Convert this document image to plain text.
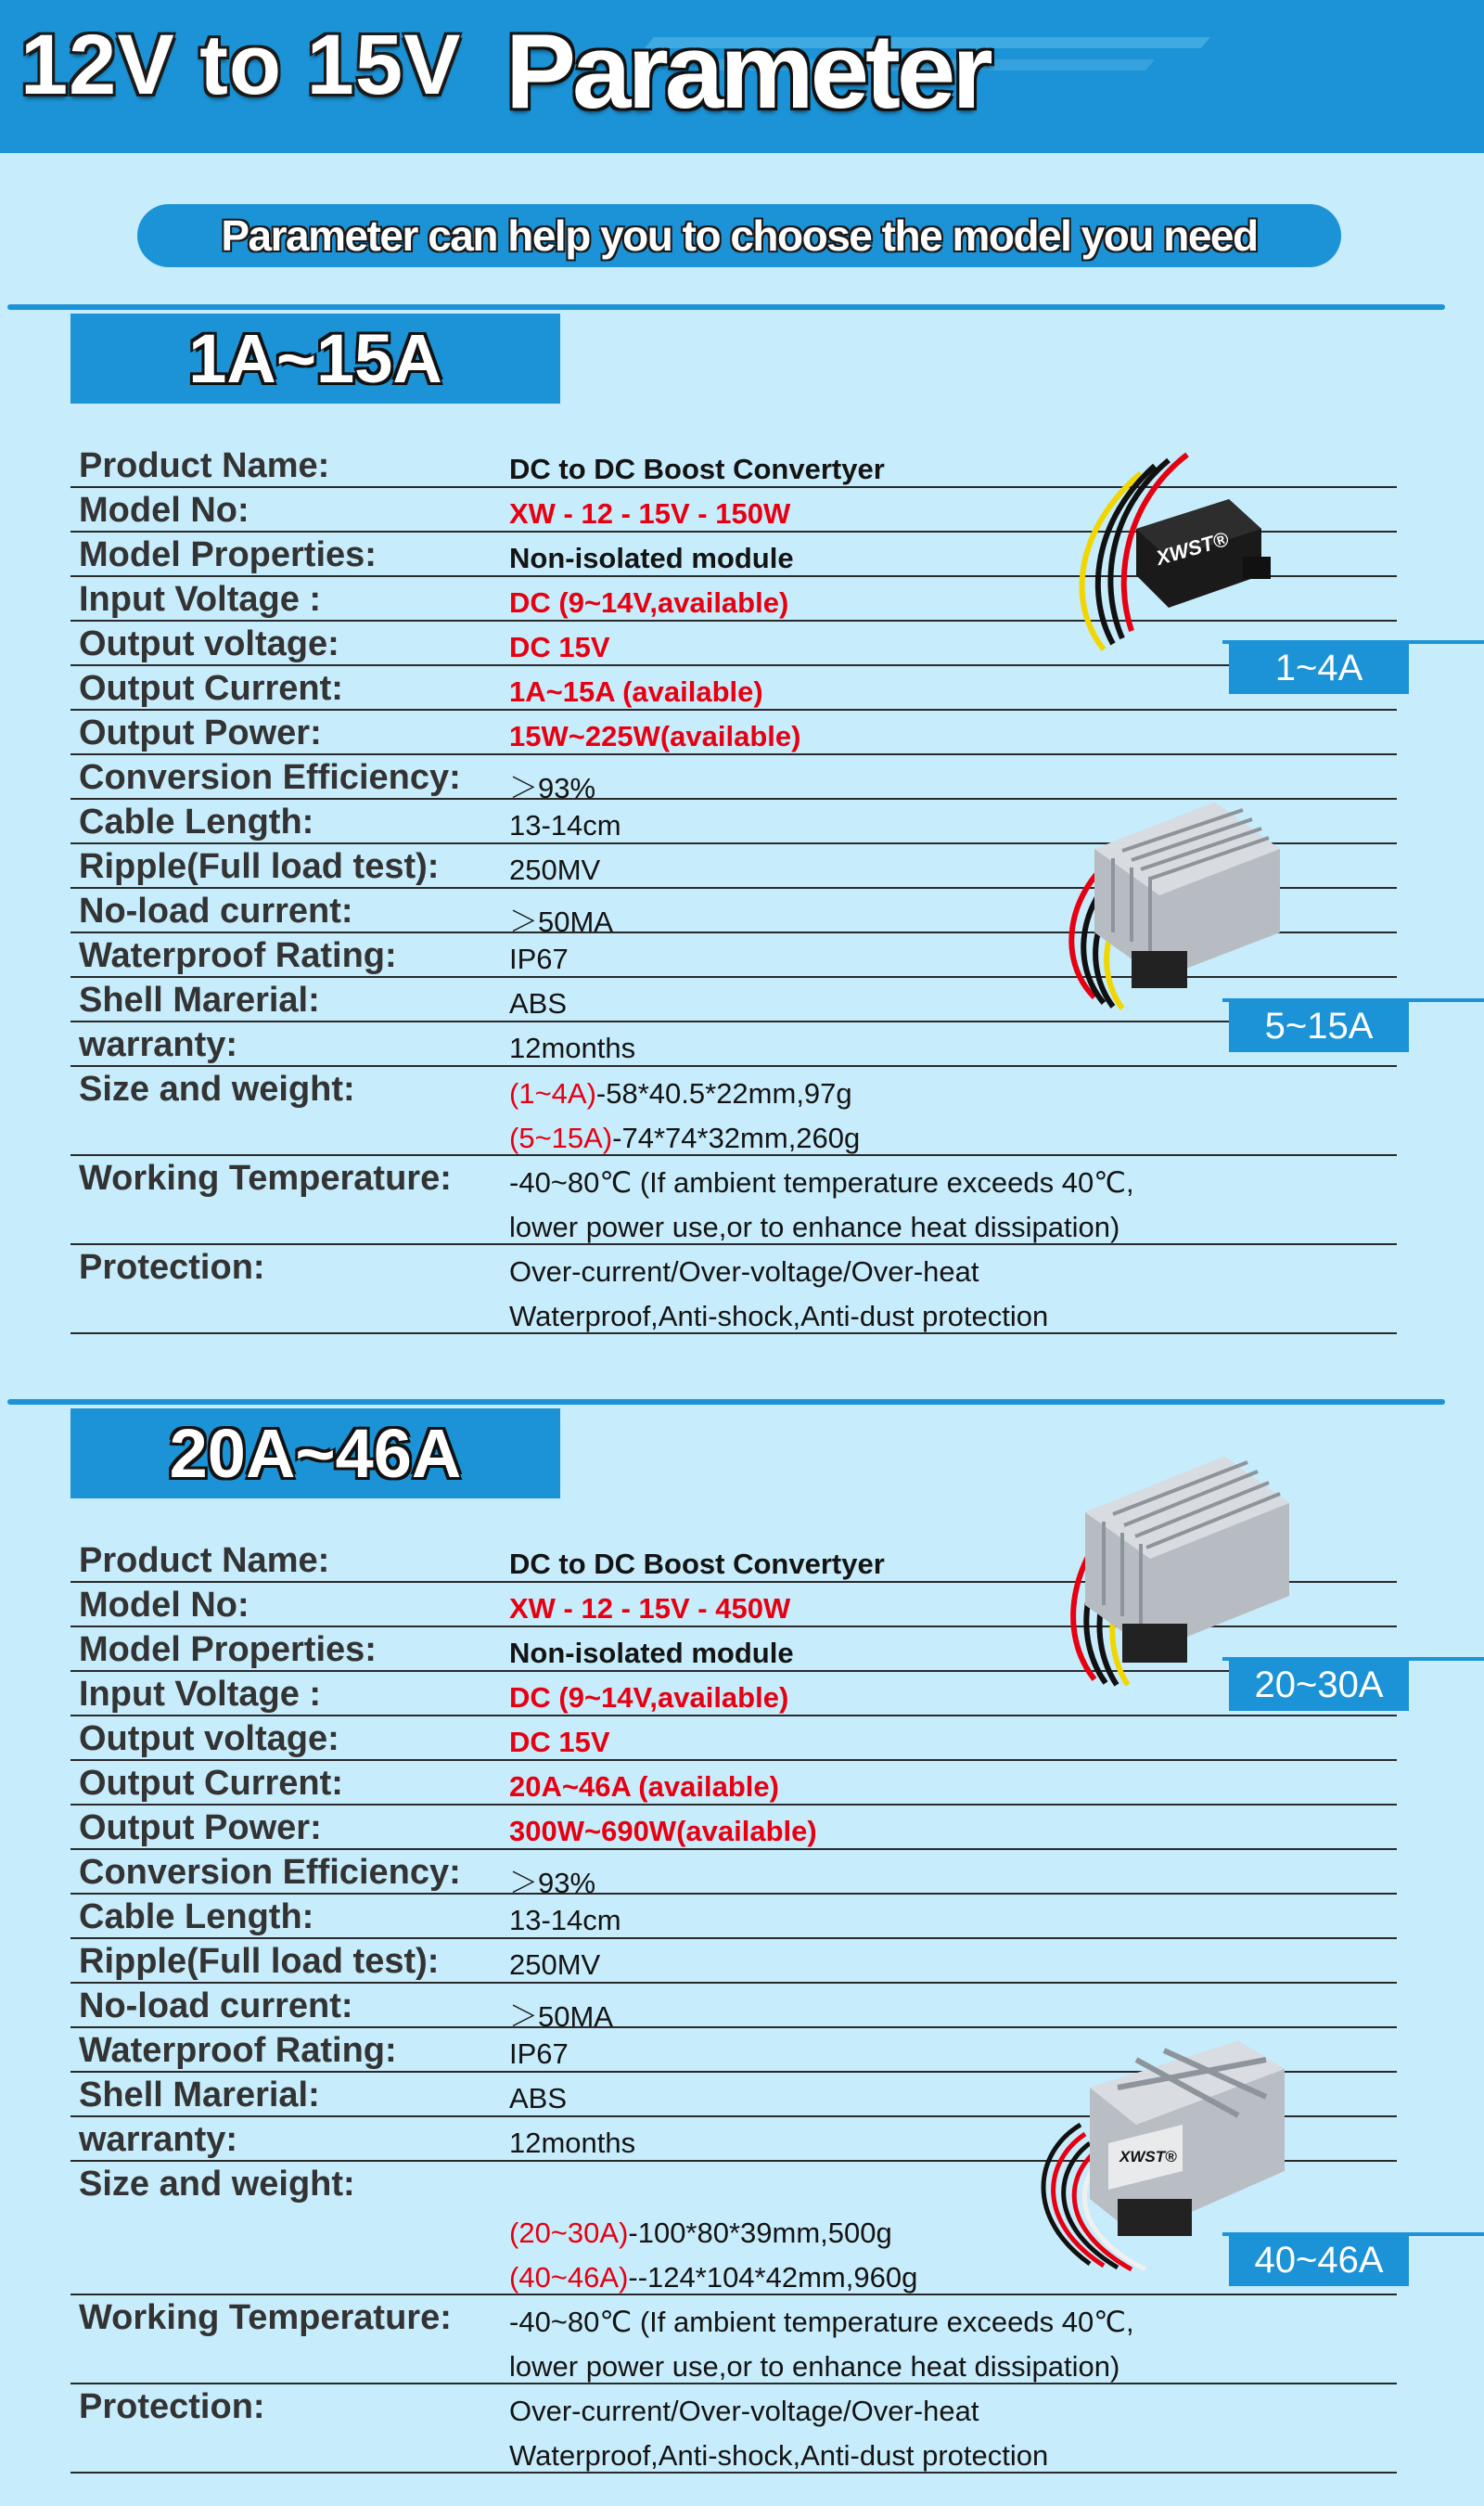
12V to 15V Parameter
Parameter can help you to choose the model you need
1A~15A
Product Name:	DC to DC Boost Convertyer
Model No:	XW - 12 - 15V - 150W
Model Properties:	Non-isolated module
Input Voltage :	DC (9~14V,available)
Output voltage:	DC 15V
Output Current:	1A~15A (available)
Output Power:	15W~225W(available)
Conversion Efficiency: ＞93%
Cable Length:	13-14cm
Ripple(Full load test): 250MV
No-load current:	＞50MA
Waterproof Rating:	IP67
Shell Marerial:	ABS
warranty:	12months
Size and weight:	(1~4A)-58*40.5*22mm,97g
(5~15A)-74*74*32mm,260g
Working Temperature: -40~80℃ (If ambient temperature exceeds 40℃,
lower power use,or to enhance heat dissipation)
Protection:	Over-current/Over-voltage/Over-heat
Waterproof,Anti-shock,Anti-dust protection
XWST®
1~4A
5~15A
20A~46A
Product Name:	DC to DC Boost Convertyer
Model No:	XW - 12 - 15V - 450W
Model Properties:	Non-isolated module
Input Voltage :	DC (9~14V,available)
Output voltage:	DC 15V
Output Current:	20A~46A (available)
Output Power:	300W~690W(available)
Conversion Efficiency: ＞93%
Cable Length:	13-14cm
Ripple(Full load test): 250MV
No-load current:	＞50MA
Waterproof Rating:	IP67
Shell Marerial:	ABS
warranty:	12months
Size and weight:
(20~30A)-100*80*39mm,500g
(40~46A)--124*104*42mm,960g
Working Temperature: -40~80℃ (If ambient temperature exceeds 40℃,
lower power use,or to enhance heat dissipation)
Protection:	Over-current/Over-voltage/Over-heat
Waterproof,Anti-shock,Anti-dust protection
20~30A
XWST®
40~46A
